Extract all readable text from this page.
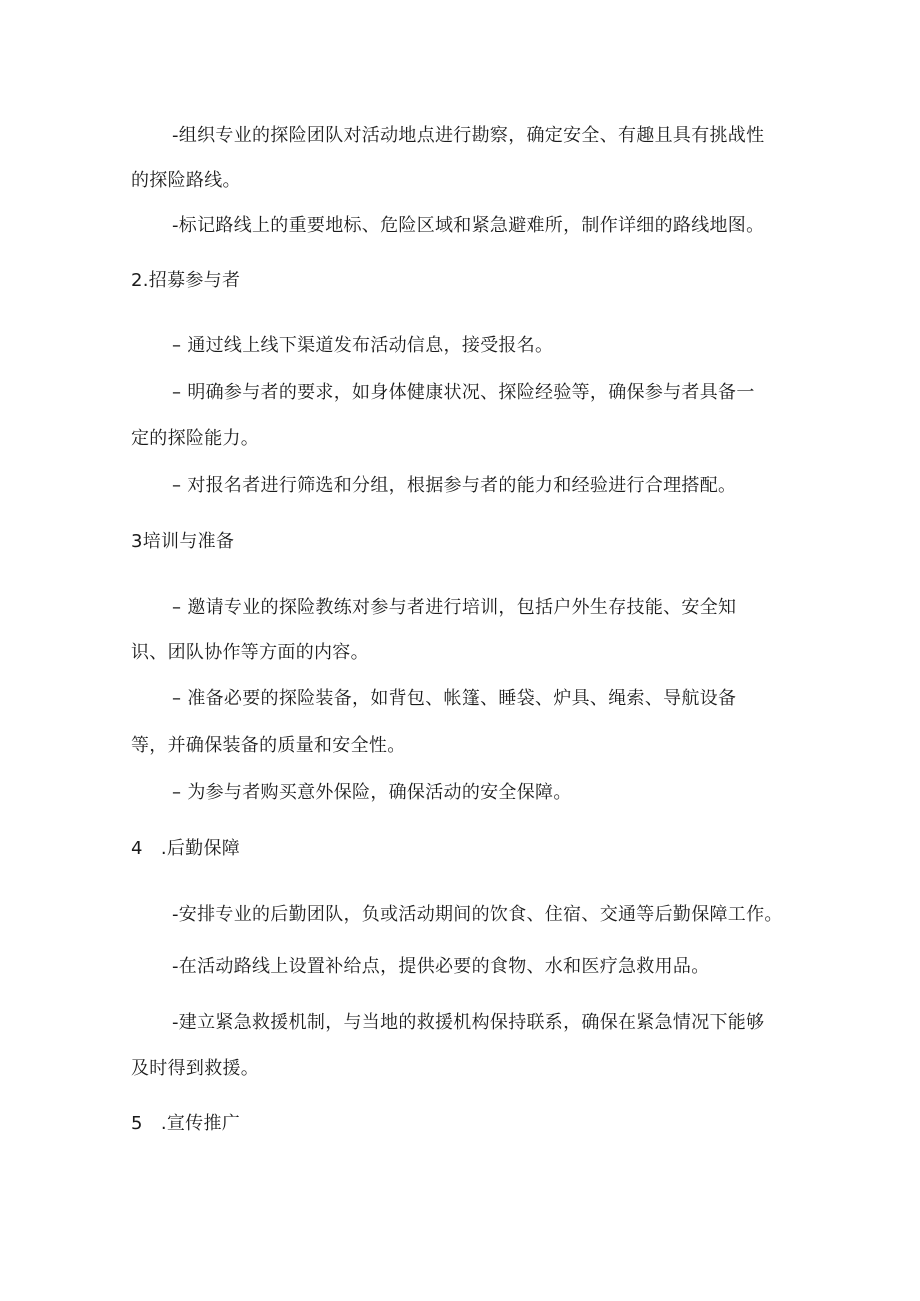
-组织专业的探险团队对活动地点进行勘察，确定安全、有趣且具有挑战性
的探险路线。
-标记路线上的重要地标、危险区域和紧急避难所，制作详细的路线地图。
2.招募参与者
– 通过线上线下渠道发布活动信息，接受报名。
– 明确参与者的要求，如身体健康状况、探险经验等，确保参与者具备一
定的探险能力。
– 对报名者进行筛选和分组，根据参与者的能力和经验进行合理搭配。
3培训与准备
– 邀请专业的探险教练对参与者进行培训，包括户外生存技能、安全知
识、团队协作等方面的内容。
– 准备必要的探险装备，如背包、帐篷、睡袋、炉具、绳索、导航设备
等，并确保装备的质量和安全性。
– 为参与者购买意外保险，确保活动的安全保障。
4   .后勤保障
-安排专业的后勤团队，负或活动期间的饮食、住宿、交通等后勤保障工作。
-在活动路线上设置补给点，提供必要的食物、水和医疗急救用品。
-建立紧急救援机制，与当地的救援机构保持联系，确保在紧急情况下能够
及时得到救援。
5   .宣传推广
